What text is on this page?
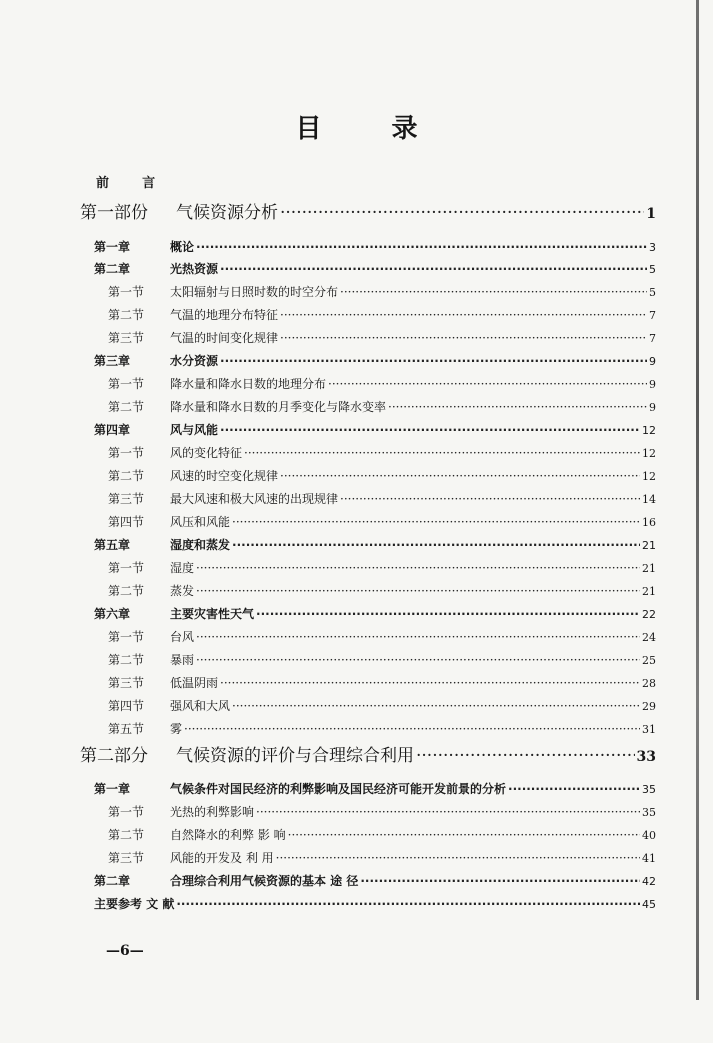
目	录
前	言
第一部份	气候资源分析 ·····	1
第一章	概论 ·····	3
第二章	光热资源 ·····	5
第一节	太阳辐射与日照时数的时空分布 ·····	5
第二节	气温的地理分布特征 ·····	7
第三节	气温的时间变化规律 ·····	7
第三章	水分资源 ·····	9
第一节	降水量和降水日数的地理分布 ·····	9
第二节	降水量和降水日数的月季变化与降水变率 ·····	9
第四章	风与风能 ·····	12
第一节	风的变化特征 ·····	12
第二节	风速的时空变化规律 ·····	12
第三节	最大风速和极大风速的出现规律 ·····	14
第四节	风压和风能 ·····	16
第五章	湿度和蒸发 ·····	21
第一节	湿度 ·····	21
第二节	蒸发 ·····	21
第六章	主要灾害性天气 ·····	22
第一节	台风 ·····	24
第二节	暴雨 ·····	25
第三节	低温阴雨 ·····	28
第四节	强风和大风 ·····	29
第五节	雾 ·····	31
第二部分	气候资源的评价与合理综合利用 ·····	33
第一章	气候条件对国民经济的利弊影响及国民经济可能开发前景的分析 ·····	35
第一节	光热的利弊影响 ·····	35
第二节	自然降水的利弊 影 响 ·····	40
第三节	风能的开发及 利 用 ·····	41
第二章	合理综合利用气候资源的基本 途 径 ·····	42
主要参考 文 献 ·····	45
—6—
